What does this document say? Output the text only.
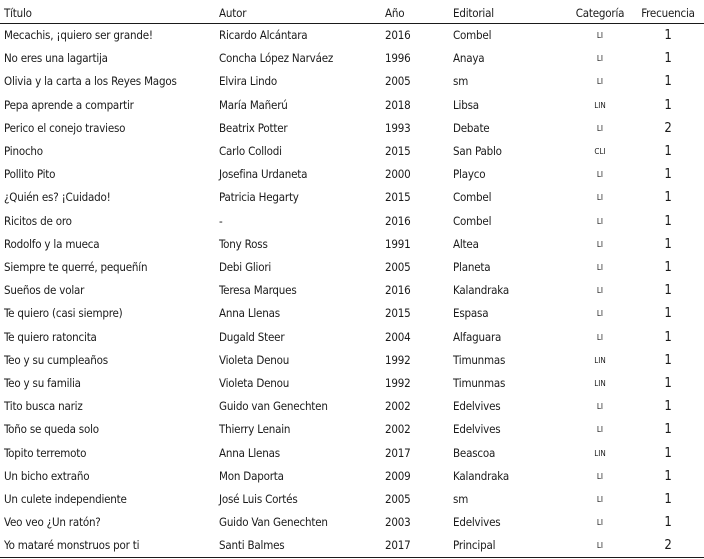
Título	Autor	Año	Editorial	Categoría	Frecuencia
Mecachis, ¡quiero ser grande!	Ricardo Alcántara	2016	Combel	LI	1
No eres una lagartija	Concha López Narváez	1996	Anaya	LI	1
Olivia y la carta a los Reyes Magos	Elvira Lindo	2005	sm	LI	1
Pepa aprende a compartir	María Mañerú	2018	Libsa	LIN	1
Perico el conejo travieso	Beatrix Potter	1993	Debate	LI	2
Pinocho	Carlo Collodi	2015	San Pablo	CLI	1
Pollito Pito	Josefina Urdaneta	2000	Playco	LI	1
¿Quién es? ¡Cuidado!	Patricia Hegarty	2015	Combel	LI	1
Ricitos de oro	-	2016	Combel	LI	1
Rodolfo y la mueca	Tony Ross	1991	Altea	LI	1
Siempre te querré, pequeñín	Debi Gliori	2005	Planeta	LI	1
Sueños de volar	Teresa Marques	2016	Kalandraka	LI	1
Te quiero (casi siempre)	Anna Llenas	2015	Espasa	LI	1
Te quiero ratoncita	Dugald Steer	2004	Alfaguara	LI	1
Teo y su cumpleaños	Violeta Denou	1992	Timunmas	LIN	1
Teo y su familia	Violeta Denou	1992	Timunmas	LIN	1
Tito busca nariz	Guido van Genechten	2002	Edelvives	LI	1
Toño se queda solo	Thierry Lenain	2002	Edelvives	LI	1
Topito terremoto	Anna Llenas	2017	Beascoa	LIN	1
Un bicho extraño	Mon Daporta	2009	Kalandraka	LI	1
Un culete independiente	José Luis Cortés	2005	sm	LI	1
Veo veo ¿Un ratón?	Guido Van Genechten	2003	Edelvives	LI	1
Yo mataré monstruos por ti	Santi Balmes	2017	Principal	LI	2
